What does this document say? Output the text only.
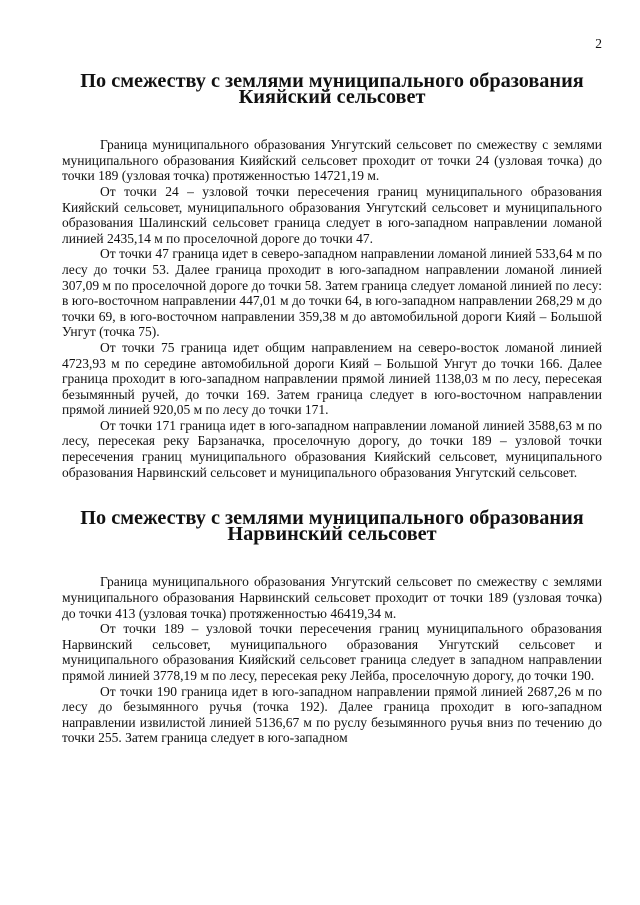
2
По смежеству с землями муниципального образования
Кияйский сельсовет

Граница муниципального образования Унгутский сельсовет по смежеству с землями муниципального образования Кияйский сельсовет проходит от точки 24 (узловая точка) до точки 189 (узловая точка) протяженностью 14721,19 м.

От точки 24 – узловой точки пересечения границ муниципального образования Кияйский сельсовет, муниципального образования Унгутский сельсовет и муниципального образования Шалинский сельсовет граница следует в юго-западном направлении ломаной линией 2435,14 м по проселочной дороге до точки 47.

От точки 47 граница идет в северо-западном направлении ломаной линией 533,64 м по лесу до точки 53. Далее граница проходит в юго-западном направлении ломаной линией 307,09 м по проселочной дороге до точки 58. Затем граница следует ломаной линией по лесу: в юго-восточном направлении 447,01 м до точки 64, в юго-западном направлении 268,29 м до точки 69, в юго-восточном направлении 359,38 м до автомобильной дороги Кияй – Большой Унгут (точка 75).

От точки 75 граница идет общим направлением на северо-восток ломаной линией 4723,93 м по середине автомобильной дороги Кияй – Большой Унгут до точки 166. Далее граница проходит в юго-западном направлении прямой линией 1138,03 м по лесу, пересекая безымянный ручей, до точки 169. Затем граница следует в юго-восточном направлении прямой линией 920,05 м по лесу до точки 171.

От точки 171 граница идет в юго-западном направлении ломаной линией 3588,63 м по лесу, пересекая реку Барзаначка, проселочную дорогу, до точки 189 – узловой точки пересечения границ муниципального образования Кияйский сельсовет, муниципального образования Нарвинский сельсовет и муниципального образования Унгутский сельсовет.

По смежеству с землями муниципального образования
Нарвинский сельсовет

Граница муниципального образования Унгутский сельсовет по смежеству с землями муниципального образования Нарвинский сельсовет проходит от точки 189 (узловая точка) до точки 413 (узловая точка) протяженностью 46419,34 м.

От точки 189 – узловой точки пересечения границ муниципального образования Нарвинский сельсовет, муниципального образования Унгутский сельсовет и муниципального образования Кияйский сельсовет граница следует в западном направлении прямой линией 3778,19 м по лесу, пересекая реку Лейба, проселочную дорогу, до точки 190.

От точки 190 граница идет в юго-западном направлении прямой линией 2687,26 м по лесу до безымянного ручья (точка 192). Далее граница проходит в юго-западном направлении извилистой линией 5136,67 м по руслу безымянного ручья вниз по течению до точки 255. Затем граница следует в юго-западном
